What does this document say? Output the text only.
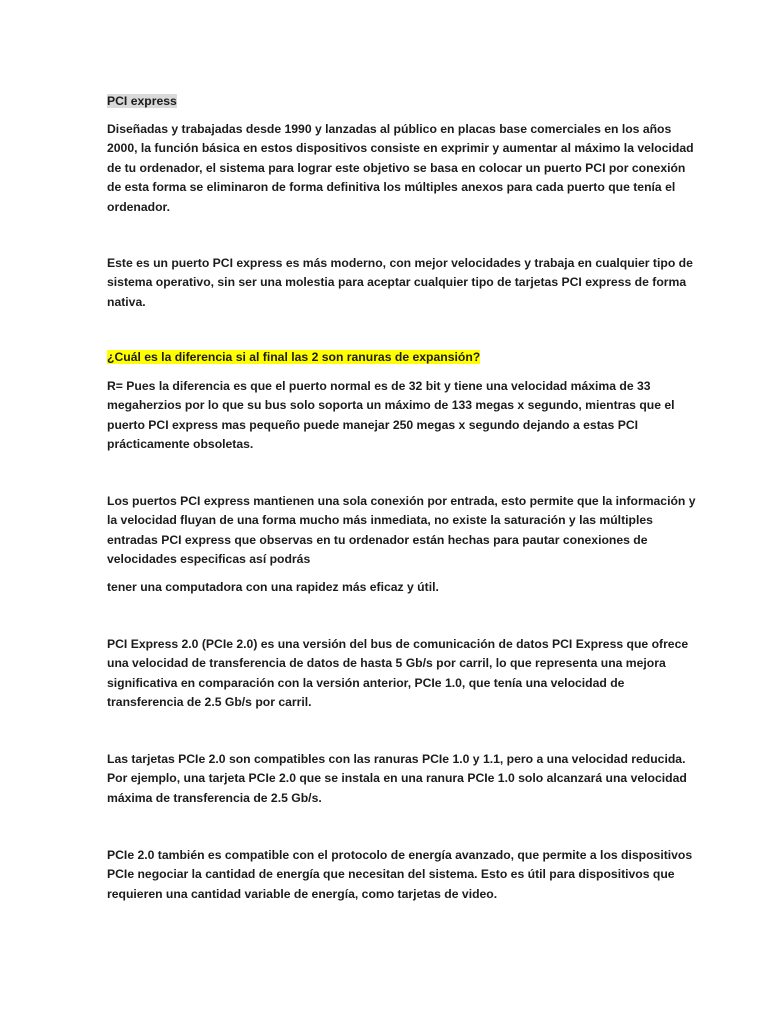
PCI express

Diseñadas y trabajadas desde 1990 y lanzadas al público en placas base comerciales en los años 2000, la función básica en estos dispositivos consiste en exprimir y aumentar al máximo la velocidad de tu ordenador, el sistema para lograr este objetivo se basa en colocar un puerto PCI por conexión de esta forma se eliminaron de forma definitiva los múltiples anexos para cada puerto que tenía el ordenador.

Este es un puerto PCI express es más moderno, con mejor velocidades y trabaja en cualquier tipo de sistema operativo, sin ser una molestia para aceptar cualquier tipo de tarjetas PCI express de forma nativa.

¿Cuál es la diferencia si al final las 2 son ranuras de expansión?

R= Pues la diferencia es que el puerto normal es de 32 bit y tiene una velocidad máxima de 33 megaherzios por lo que su bus solo soporta un máximo de 133 megas x segundo, mientras que el puerto PCI express mas pequeño puede manejar 250 megas x segundo dejando a estas PCI prácticamente obsoletas.

Los puertos PCI express mantienen una sola conexión por entrada, esto permite que la información y la velocidad fluyan de una forma mucho más inmediata, no existe la saturación y las múltiples entradas PCI express que observas en tu ordenador están hechas para pautar conexiones de velocidades especificas así podrás

tener una computadora con una rapidez más eficaz y útil.

PCI Express 2.0 (PCIe 2.0) es una versión del bus de comunicación de datos PCI Express que ofrece una velocidad de transferencia de datos de hasta 5 Gb/s por carril, lo que representa una mejora significativa en comparación con la versión anterior, PCIe 1.0, que tenía una velocidad de transferencia de 2.5 Gb/s por carril.

Las tarjetas PCIe 2.0 son compatibles con las ranuras PCIe 1.0 y 1.1, pero a una velocidad reducida. Por ejemplo, una tarjeta PCIe 2.0 que se instala en una ranura PCIe 1.0 solo alcanzará una velocidad máxima de transferencia de 2.5 Gb/s.

PCIe 2.0 también es compatible con el protocolo de energía avanzado, que permite a los dispositivos PCIe negociar la cantidad de energía que necesitan del sistema. Esto es útil para dispositivos que requieren una cantidad variable de energía, como tarjetas de video.
